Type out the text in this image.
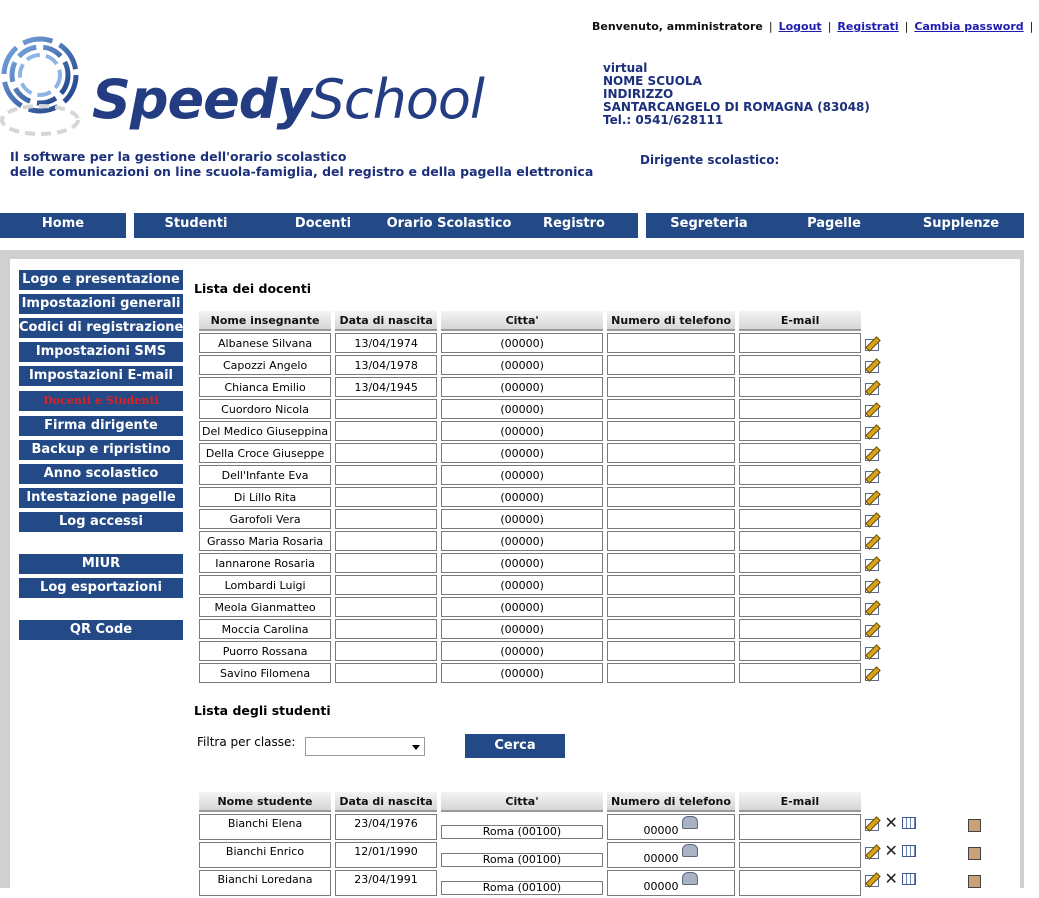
Benvenuto, amministratore | Logout | Registrati | Cambia password |
SpeedySchool	virtual
NOME SCUOLA
INDIRIZZO
SANTARCANGELO DI ROMAGNA (83048)
Tel.: 0541/628111
Il software per la gestione dell'orario scolastico
delle comunicazioni on line scuola-famiglia, del registro e della pagella elettronica
Dirigente scolastico:
Home	Studenti	Docenti	Orario Scolastico Registro	Segreteria	Pagelle	Supplenze
Logo e presentazione
Impostazioni generali
Codici di registrazione
Impostazioni SMS
Impostazioni E-mail
Docenti e Studenti
Firma dirigente
Backup e ripristino
Anno scolastico
Intestazione pagelle
Log accessi
MIUR
Log esportazioni
QR Code
Lista dei docenti
Nome insegnante	Data di nascita	Citta'	Numero di telefono	E-mail	
Albanese Silvana	13/04/1974	(00000)			
Capozzi Angelo	13/04/1978	(00000)			
Chianca Emilio	13/04/1945	(00000)			
Cuordoro Nicola		(00000)			
Del Medico Giuseppina		(00000)			
Della Croce Giuseppe		(00000)			
Dell'Infante Eva		(00000)			
Di Lillo Rita		(00000)			
Garofoli Vera		(00000)			
Grasso Maria Rosaria		(00000)			
Iannarone Rosaria		(00000)			
Lombardi Luigi		(00000)			
Meola Gianmatteo		(00000)			
Moccia Carolina		(00000)			
Puorro Rossana		(00000)			
Savino Filomena		(00000)			
Lista degli studenti
Filtra per classe:	Cerca
Nome studente	Data di nascita	Citta'	Numero di telefono	E-mail	
Bianchi Elena	23/04/1976	Roma (00100)	00000		✕
Bianchi Enrico	12/01/1990	Roma (00100)	00000		✕
Bianchi Loredana	23/04/1991	Roma (00100)	00000		✕
